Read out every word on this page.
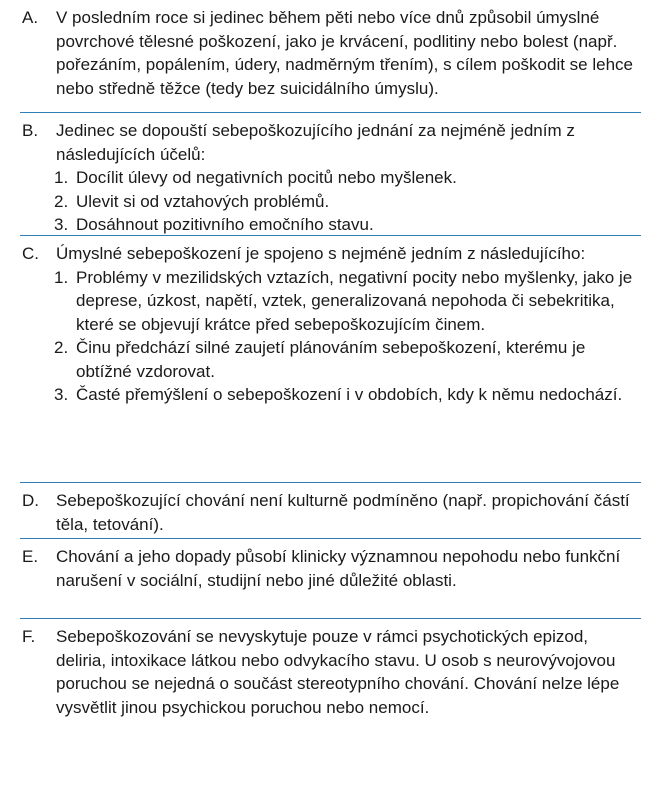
A.	V posledním roce si jedinec během pěti nebo více dnů způsobil úmyslné povrchové tělesné poškození, jako je krvácení, podlitiny nebo bolest (např. pořezáním, popálením, údery, nadměrným třením), s cílem poškodit se lehce nebo středně těžce (tedy bez suicidálního úmyslu).
B.	Jedinec se dopouští sebepoškozujícího jednání za nejméně jedním z následujících účelů:
1. Docílit úlevy od negativních pocitů nebo myšlenek.
2. Ulevit si od vztahových problémů.
3. Dosáhnout pozitivního emočního stavu.
C.	Úmyslné sebepoškození je spojeno s nejméně jedním z následujícího:
1. Problémy v mezilidských vztazích, negativní pocity nebo myšlenky, jako je deprese, úzkost, napětí, vztek, generalizovaná nepohoda či sebekritika, které se objevují krátce před sebepoškozujícím činem.
2. Činu předchází silné zaujetí plánováním sebepoškození, kterému je obtížné vzdorovat.
3. Časté přemýšlení o sebepoškození i v obdobích, kdy k němu nedochází.
D.	Sebepoškozující chování není kulturně podmíněno (např. propichování částí těla, tetování).
E.	Chování a jeho dopady působí klinicky významnou nepohodu nebo funkční narušení v sociální, studijní nebo jiné důležité oblasti.
F.	Sebepoškozování se nevyskytuje pouze v rámci psychotických epizod, deliria, intoxikace látkou nebo odvykacího stavu. U osob s neurovývojovou poruchou se nejedná o součást stereotypního chování. Chování nelze lépe vysvětlit jinou psychickou poruchou nebo nemocí.
